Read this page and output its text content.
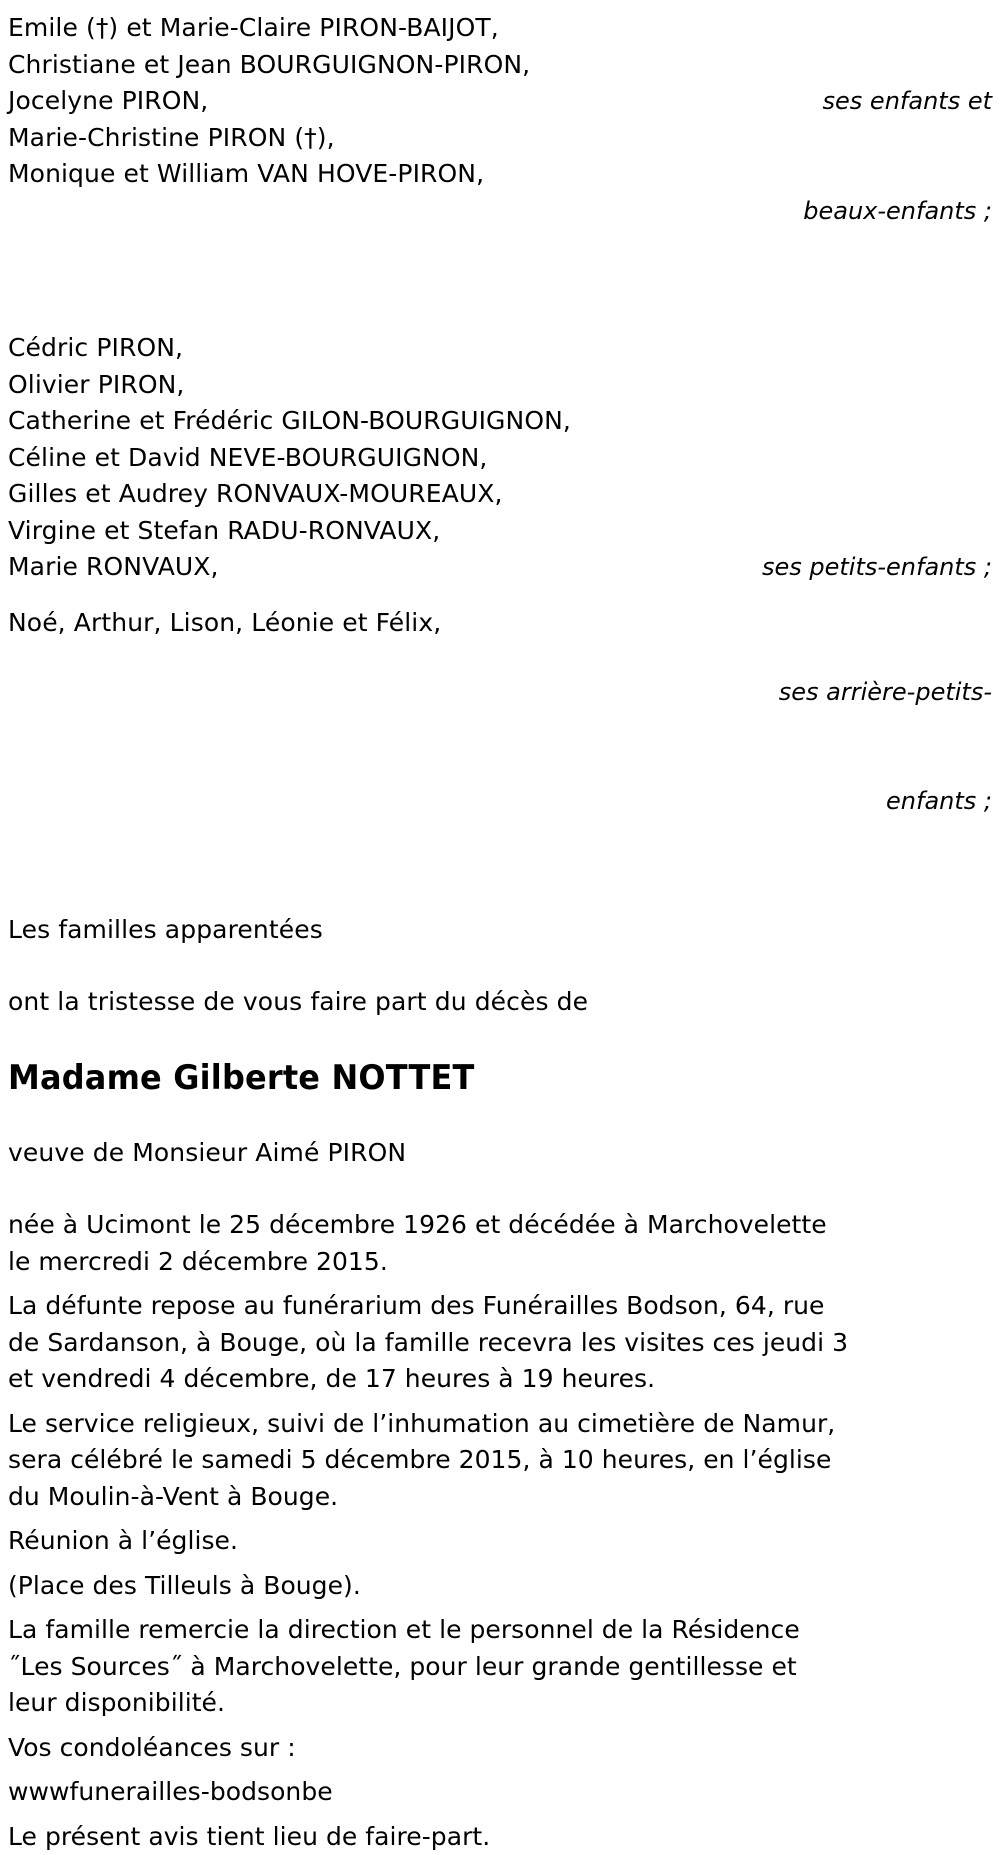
Emile (†) et Marie-Claire PIRON-BAIJOT,
Christiane et Jean BOURGUIGNON-PIRON,
Jocelyne PIRON,
Marie-Christine PIRON (†),
Monique et William VAN HOVE-PIRON,

ses enfants et

beaux-enfants ;

Cédric PIRON,
Olivier PIRON,
Catherine et Frédéric GILON-BOURGUIGNON,
Céline et David NEVE-BOURGUIGNON,
Gilles et Audrey RONVAUX-MOUREAUX,
Virgine et Stefan RADU-RONVAUX,
Marie RONVAUX,	ses petits-enfants ;
Noé, Arthur, Lison, Léonie et Félix,

ses arrière-petits-

enfants ;

Les familles apparentées
ont la tristesse de vous faire part du décès de
Madame Gilberte NOTTET
veuve de Monsieur Aimé PIRON
née à Ucimont le 25 décembre 1926 et décédée à Marchovelette le mercredi 2 décembre 2015.
La défunte repose au funérarium des Funérailles Bodson, 64, rue de Sardanson, à Bouge, où la famille recevra les visites ces jeudi 3 et vendredi 4 décembre, de 17 heures à 19 heures.
Le service religieux, suivi de l’inhumation au cimetière de Namur, sera célébré le samedi 5 décembre 2015, à 10 heures, en l’église du Moulin-à-Vent à Bouge.
Réunion à l’église.
(Place des Tilleuls à Bouge).
La famille remercie la direction et le personnel de la Résidence ˝Les Sources˝ à Marchovelette, pour leur grande gentillesse et leur disponibilité.
Vos condoléances sur :
wwwfunerailles-bodsonbe
Le présent avis tient lieu de faire-part.
